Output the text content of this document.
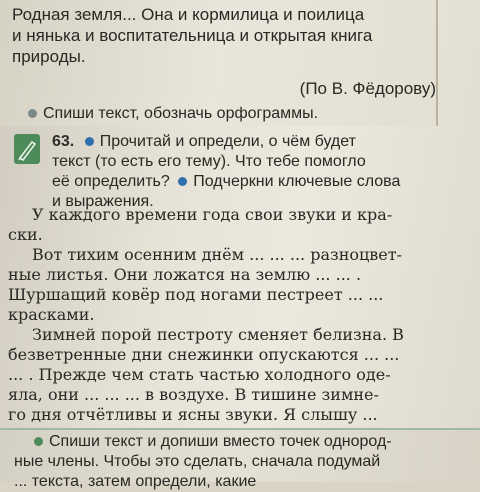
Родная земля... Она и кормилица и поилица

и нянька и воспитательница и открытая книга

природы.

(По В. Фёдорову)

Спиши текст, обозначь орфограммы.
63. Прочитай и определи, о чём будет
текст (то есть его тему). Что тебе помогло
её определить? Подчеркни ключевые слова
и выражения.
У каждого времени года свои звуки и кра-
ски.
Вот тихим осенним днём ... ... ... разноцвет-
ные листья. Они ложатся на землю ... ... .
Шуршащий ковёр под ногами пестреет ... ...
красками.
Зимней порой пестроту сменяет белизна. В
безветренные дни снежинки опускаются ... ...
... . Прежде чем стать частью холодного оде-
яла, они ... ... ... в воздухе. В тишине зимне-
го дня отчётливы и ясны звуки. Я слышу ...
Спиши текст и допиши вместо точек однород-
ные члены. Чтобы это сделать, сначала подумай
... текста, затем определи, какие
